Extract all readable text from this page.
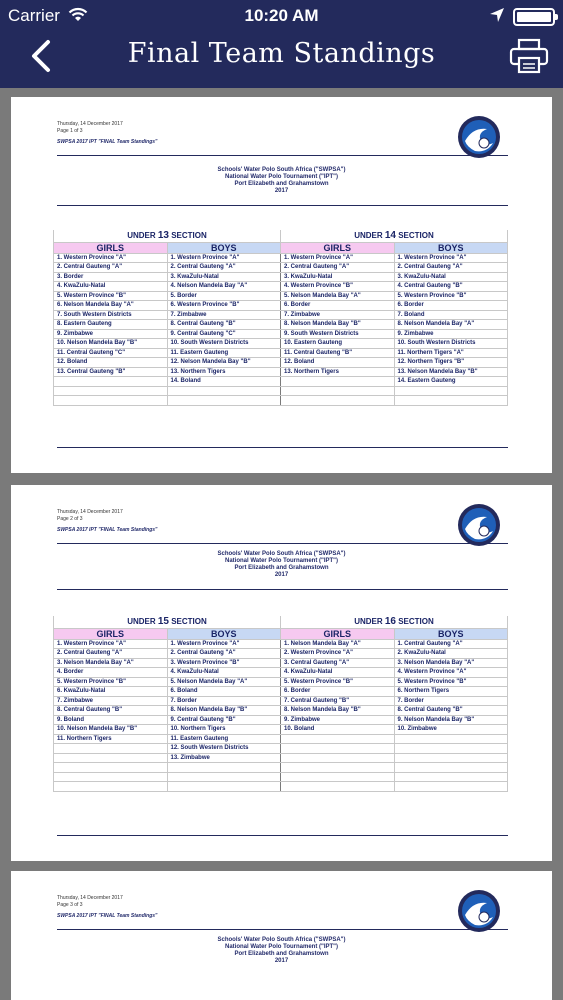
Carrier	10:20 AM
Final Team Standings
Thursday, 14 December 2017
Page 1 of 3
SWPSA 2017 IPT "FINAL Team Standings"
Schools' Water Polo South Africa ("SWPSA")
National Water Polo Tournament ("IPT")
Port Elizabeth and Grahamstown
2017
UNDER 13 SECTION		UNDER 14 SECTION	
GIRLS	BOYS	GIRLS	BOYS
1. Western Province "A"	1. Western Province "A"	1. Western Province "A"	1. Western Province "A"
2. Central Gauteng "A"	2. Central Gauteng "A"	2. Central Gauteng "A"	2. Central Gauteng "A"
3. Border	3. KwaZulu-Natal	3. KwaZulu-Natal	3. KwaZulu-Natal
4. KwaZulu-Natal	4. Nelson Mandela Bay "A"	4. Western Province "B"	4. Central Gauteng "B"
5. Western Province "B"	5. Border	5. Nelson Mandela Bay "A"	5. Western Province "B"
6. Nelson Mandela Bay "A"	6. Western Province "B"	6. Border	6. Border
7. South Western Districts	7. Zimbabwe	7. Zimbabwe	7. Boland
8. Eastern Gauteng	8. Central Gauteng "B"	8. Nelson Mandela Bay "B"	8. Nelson Mandela Bay "A"
9. Zimbabwe	9. Central Gauteng "C"	9. South Western Districts	9. Zimbabwe
10. Nelson Mandela Bay "B"	10. South Western Districts	10. Eastern Gauteng	10. South Western Districts
11. Central Gauteng "C"	11. Eastern Gauteng	11. Central Gauteng "B"	11. Northern Tigers "A"
12. Boland	12. Nelson Mandela Bay "B"	12. Boland	12. Northern Tigers "B"
13. Central Gauteng "B"	13. Northern Tigers	13. Northern Tigers	13. Nelson Mandela Bay "B"
	14. Boland		14. Eastern Gauteng

Thursday, 14 December 2017
Page 2 of 3
SWPSA 2017 IPT "FINAL Team Standings"
Schools' Water Polo South Africa ("SWPSA")
National Water Polo Tournament ("IPT")
Port Elizabeth and Grahamstown
2017
UNDER 15 SECTION		UNDER 16 SECTION	
GIRLS	BOYS	GIRLS	BOYS
1. Western Province "A"	1. Western Province "A"	1. Nelson Mandela Bay "A"	1. Central Gauteng "A"
2. Central Gauteng "A"	2. Central Gauteng "A"	2. Western Province "A"	2. KwaZulu-Natal
3. Nelson Mandela Bay "A"	3. Western Province "B"	3. Central Gauteng "A"	3. Nelson Mandela Bay "A"
4. Border	4. KwaZulu-Natal	4. KwaZulu-Natal	4. Western Province "A"
5. Western Province "B"	5. Nelson Mandela Bay "A"	5. Western Province "B"	5. Western Province "B"
6. KwaZulu-Natal	6. Boland	6. Border	6. Northern Tigers
7. Zimbabwe	7. Border	7. Central Gauteng "B"	7. Border
8. Central Gauteng "B"	8. Nelson Mandela Bay "B"	8. Nelson Mandela Bay "B"	8. Central Gauteng "B"
9. Boland	9. Central Gauteng "B"	9. Zimbabwe	9. Nelson Mandela Bay "B"
10. Nelson Mandela Bay "B"	10. Northern Tigers	10. Boland	10. Zimbabwe
11. Northern Tigers	11. Eastern Gauteng		
	12. South Western Districts		
	13. Zimbabwe		

Thursday, 14 December 2017
Page 3 of 3
SWPSA 2017 IPT "FINAL Team Standings"
Schools' Water Polo South Africa ("SWPSA")
National Water Polo Tournament ("IPT")
Port Elizabeth and Grahamstown
2017
